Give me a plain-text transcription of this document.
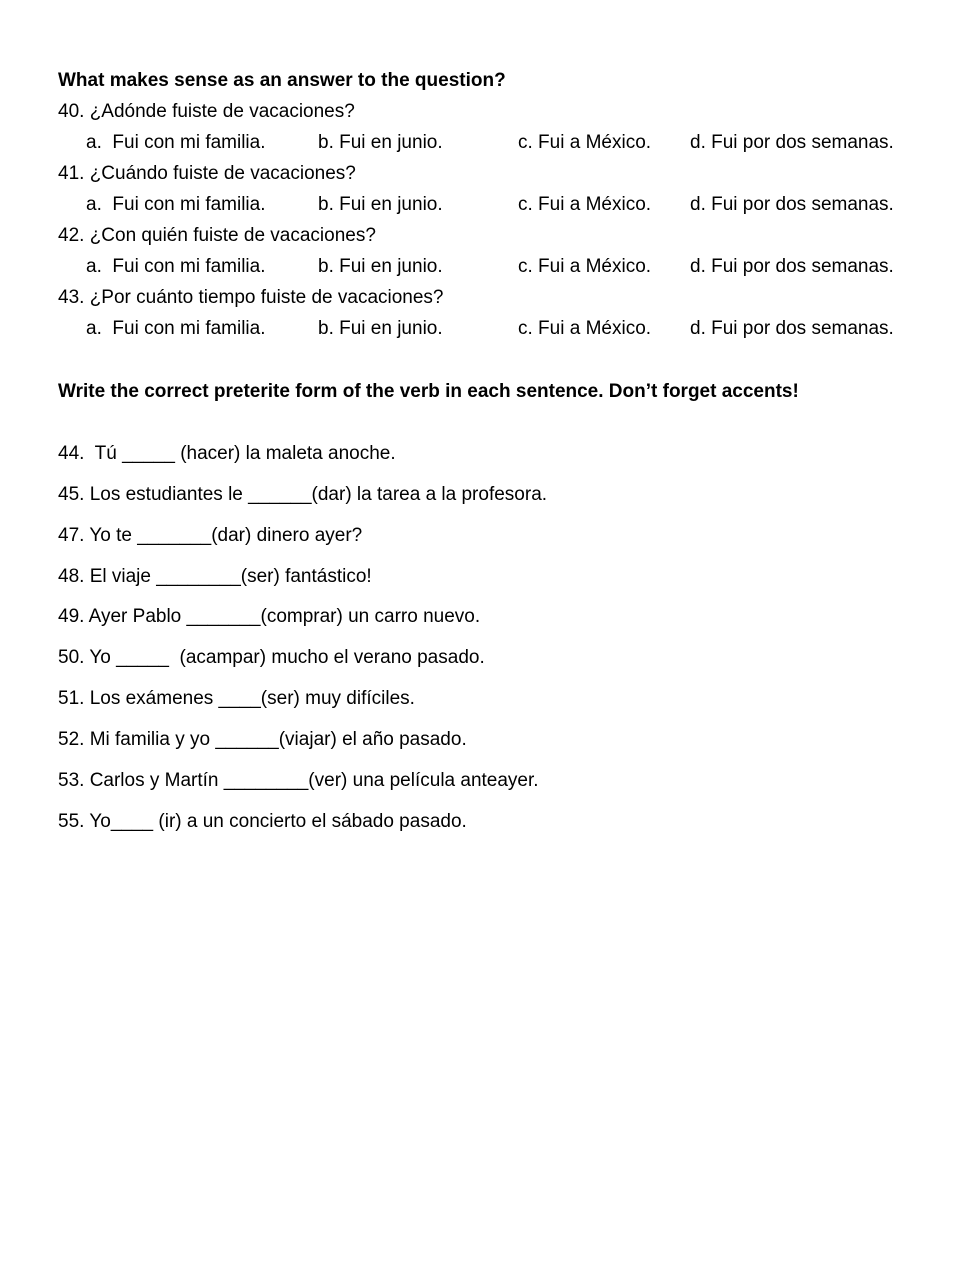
What makes sense as an answer to the question?
40. ¿Adónde fuiste de vacaciones?
a.  Fui con mi familia.	b. Fui en junio.	c. Fui a México. d. Fui por dos semanas.
41. ¿Cuándo fuiste de vacaciones?
a.  Fui con mi familia.	b. Fui en junio.	c. Fui a México. d. Fui por dos semanas.
42. ¿Con quién fuiste de vacaciones?
a.  Fui con mi familia.	b. Fui en junio.	c. Fui a México. d. Fui por dos semanas.
43. ¿Por cuánto tiempo fuiste de vacaciones?
a.  Fui con mi familia.	b. Fui en junio.	c. Fui a México. d. Fui por dos semanas.
Write the correct preterite form of the verb in each sentence. Don’t forget accents!
44.  Tú _____ (hacer) la maleta anoche.
45. Los estudiantes le ______(dar) la tarea a la profesora.
47. Yo te _______(dar) dinero ayer?
48. El viaje ________(ser) fantástico!
49. Ayer Pablo _______(comprar) un carro nuevo.
50. Yo _____  (acampar) mucho el verano pasado.
51. Los exámenes ____(ser) muy difíciles.
52. Mi familia y yo ______(viajar) el año pasado.
53. Carlos y Martín ________(ver) una película anteayer.
55. Yo____ (ir) a un concierto el sábado pasado.
